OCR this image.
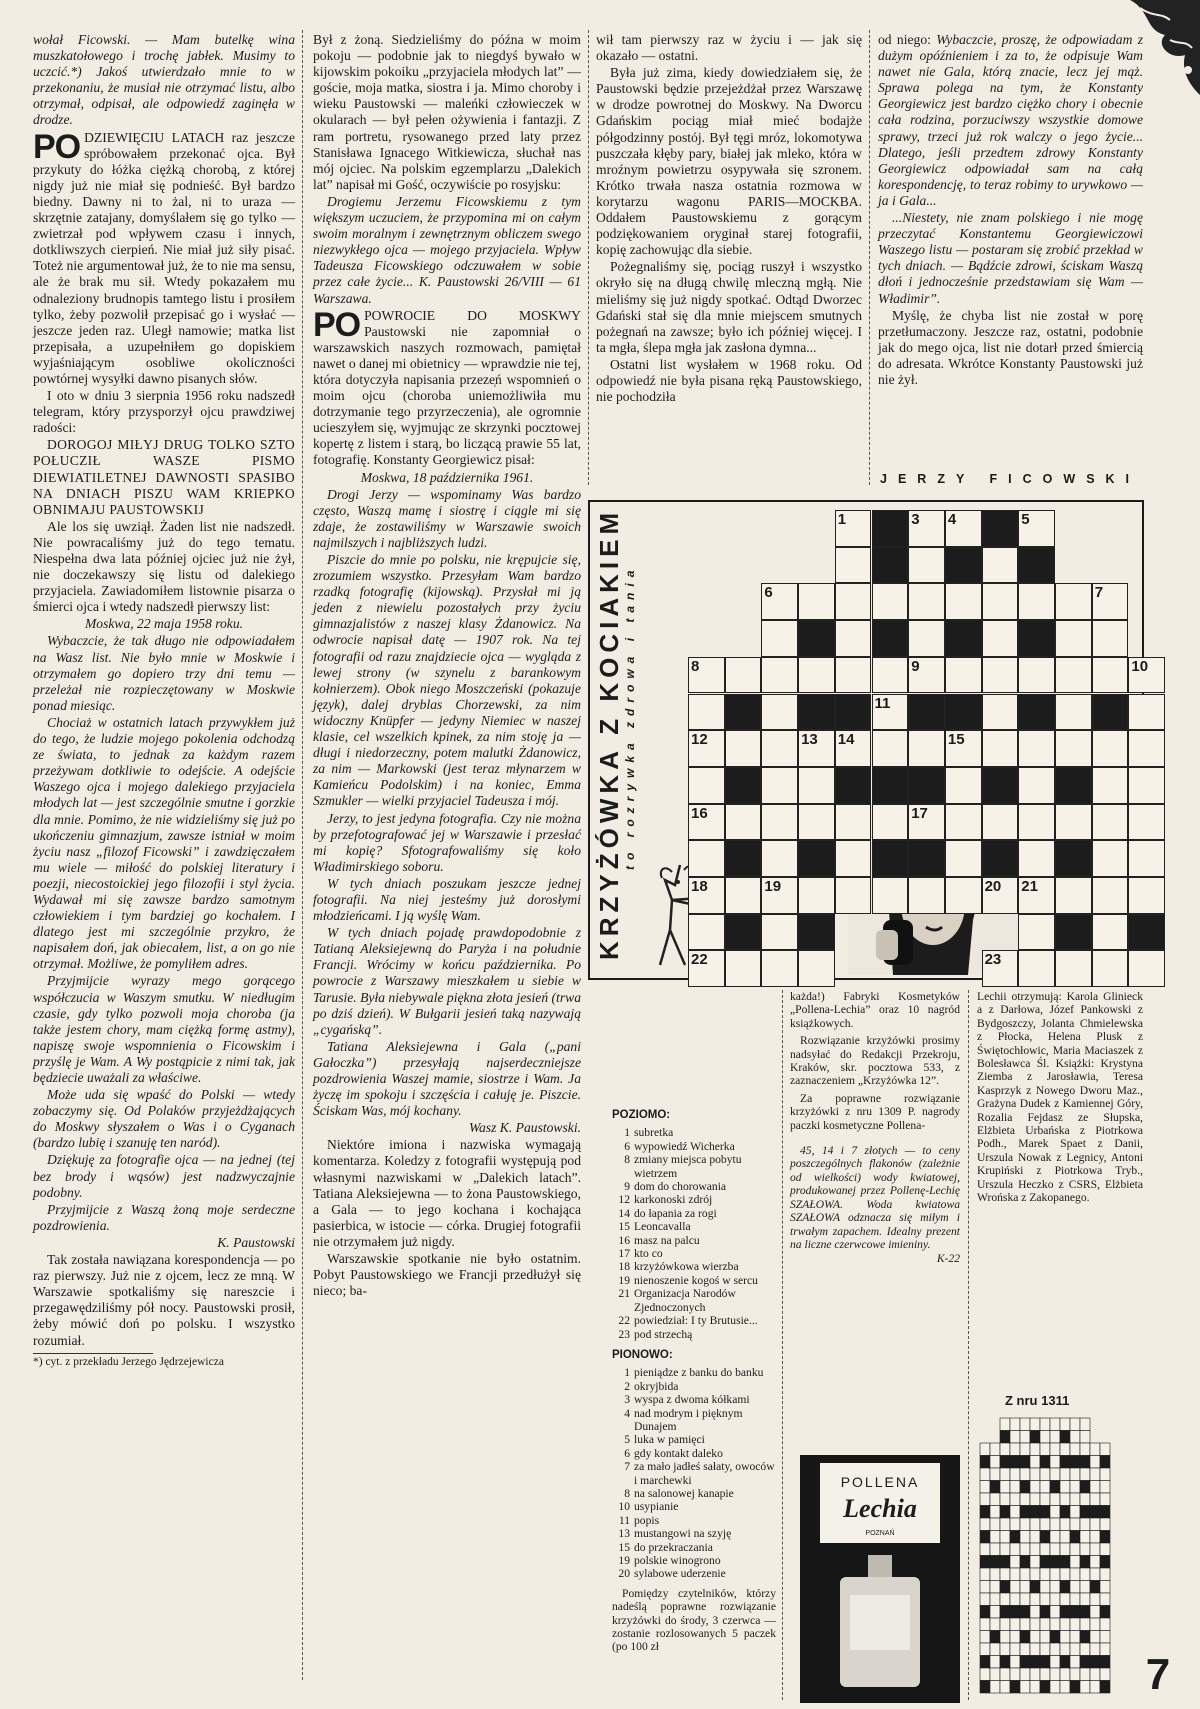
wołał Ficowski. — Mam butelkę wina muszkatołowego i trochę jabłek. Musimy to uczcić.*) Jakoś utwierdzało mnie to w przekonaniu, że musiał nie otrzymać listu, albo otrzymał, odpisał, ale odpowiedź zaginęła w drodze.

PO DZIEWIĘCIU LATACH raz jeszcze spróbowałem przekonać ojca. Był przykuty do łóżka ciężką chorobą, z której nigdy już nie miał się podnieść. Był bardzo biedny. Dawny ni to żal, ni to uraza — skrzętnie zatajany, domyślałem się go tylko — zwietrzał pod wpływem czasu i innych, dotkliwszych cierpień. Nie miał już siły pisać. Toteż nie argumentował już, że to nie ma sensu, ale że brak mu sił. Wtedy pokazałem mu odnaleziony brudnopis tamtego listu i prosiłem tylko, żeby pozwolił przepisać go i wysłać — jeszcze jeden raz. Uległ namowie; matka list przepisała, a uzupełniłem go dopiskiem wyjaśniającym osobliwe okoliczności powtórnej wysyłki dawno pisanych słów.

I oto w dniu 3 sierpnia 1956 roku nadszedł telegram, który przysporzył ojcu prawdziwej radości:

DOROGOJ MIŁYJ DRUG TOLKO SZTO POŁUCZIŁ WASZE PISMO DIEWIATILETNEJ DAWNOSTI SPASIBO NA DNIACH PISZU WAM KRIEPKO OBNIMAJU PAUSTOWSKIJ

Ale los się uwziął. Żaden list nie nadszedł. Nie powracaliśmy już do tego tematu. Niespełna dwa lata później ojciec już nie żył, nie doczekawszy się listu od dalekiego przyjaciela. Zawiadomiłem listownie pisarza o śmierci ojca i wtedy nadszedł pierwszy list:

Moskwa, 22 maja 1958 roku.

Wybaczcie, że tak długo nie odpowiadałem na Wasz list. Nie było mnie w Moskwie i otrzymałem go dopiero trzy dni temu — przeleżał nie rozpieczętowany w Moskwie ponad miesiąc.

Chociaż w ostatnich latach przywykłem już do tego, że ludzie mojego pokolenia odchodzą ze świata, to jednak za każdym razem przeżywam dotkliwie to odejście. A odejście Waszego ojca i mojego dalekiego przyjaciela młodych lat — jest szczególnie smutne i gorzkie dla mnie. Pomimo, że nie widzieliśmy się już po ukończeniu gimnazjum, zawsze istniał w moim życiu nasz „filozof Ficowski” i zawdzięczałem mu wiele — miłość do polskiej literatury i poezji, niecostoickiej jego filozofii i styl życia. Wydawał mi się zawsze bardzo samotnym człowiekiem i tym bardziej go kochałem. I dlatego jest mi szczególnie przykro, że napisałem doń, jak obiecałem, list, a on go nie otrzymał. Możliwe, że pomyliłem adres.

Przyjmijcie wyrazy mego gorącego współczucia w Waszym smutku. W niedługim czasie, gdy tylko pozwoli moja choroba (ja także jestem chory, mam ciężką formę astmy), napiszę swoje wspomnienia o Ficowskim i przyślę je Wam. A Wy postąpicie z nimi tak, jak będziecie uważali za właściwe.

Może uda się wpaść do Polski — wtedy zobaczymy się. Od Polaków przyjeżdżających do Moskwy słyszałem o Was i o Cyganach (bardzo lubię i szanuję ten naród).

Dziękuję za fotografie ojca — na jednej (tej bez brody i wąsów) jest nadzwyczajnie podobny.

Przyjmijcie z Waszą żoną moje serdeczne pozdrowienia.

K. Paustowski

Tak została nawiązana korespondencja — po raz pierwszy. Już nie z ojcem, lecz ze mną. W Warszawie spotkaliśmy się nareszcie i przegawędziliśmy pół nocy. Paustowski prosił, żeby mówić doń po polsku. I wszystko rozumiał.

*) cyt. z przekładu Jerzego Jędrzejewicza

Był z żoną. Siedzieliśmy do późna w moim pokoju — podobnie jak to niegdyś bywało w kijowskim pokoiku „przyjaciela młodych lat” — goście, moja matka, siostra i ja. Mimo choroby i wieku Paustowski — maleńki człowieczek w okularach — był pełen ożywienia i fantazji. Z ram portretu, rysowanego przed laty przez Stanisława Ignacego Witkiewicza, słuchał nas mój ojciec. Na polskim egzemplarzu „Dalekich lat” napisał mi Gość, oczywiście po rosyjsku:

Drogiemu Jerzemu Ficowskiemu z tym większym uczuciem, że przypomina mi on całym swoim moralnym i zewnętrznym obliczem swego niezwykłego ojca — mojego przyjaciela. Wpływ Tadeusza Ficowskiego odczuwałem w sobie przez całe życie... K. Paustowski 26/VIII — 61 Warszawa.

PO POWROCIE DO MOSKWY Paustowski nie zapomniał o warszawskich naszych rozmowach, pamiętał nawet o danej mi obietnicy — wprawdzie nie tej, która dotyczyła napisania przeze̜ń wspomnień o moim ojcu (choroba uniemożliwiła mu dotrzymanie tego przyrzeczenia), ale ogromnie ucieszyłem się, wyjmując ze skrzynki pocztowej kopertę z listem i starą, bo liczącą prawie 55 lat, fotografię. Konstanty Georgiewicz pisał:

Moskwa, 18 października 1961.

Drogi Jerzy — wspominamy Was bardzo często, Waszą mamę i siostrę i ciągle mi się zdaje, że zostawiliśmy w Warszawie swoich najmilszych i najbliższych ludzi.

Piszcie do mnie po polsku, nie krępujcie się, zrozumiem wszystko. Przesyłam Wam bardzo rzadką fotografię (kijowską). Przysłał mi ją jeden z niewielu pozostałych przy życiu gimnazjalistów z naszej klasy Żdanowicz. Na odwrocie napisał datę — 1907 rok. Na tej fotografii od razu znajdziecie ojca — wygląda z lewej strony (w szynelu z barankowym kołnierzem). Obok niego Moszczeński (pokazuje język), dalej dryblas Chorzewski, za nim widoczny Knüpfer — jedyny Niemiec w naszej klasie, cel wszelkich kpinek, za nim stoję ja — długi i niedorzeczny, potem malutki Żdanowicz, za nim — Markowski (jest teraz młynarzem w Kamieńcu Podolskim) i na koniec, Emma Szmukler — wielki przyjaciel Tadeusza i mój.

Jerzy, to jest jedyna fotografia. Czy nie można by przefotografować jej w Warszawie i przesłać mi kopię? Sfotografowaliśmy się koło Władimirskiego soboru.

W tych dniach poszukam jeszcze jednej fotografii. Na niej jesteśmy już dorosłymi młodzieńcami. I ją wyślę Wam.

W tych dniach pojadę prawdopodobnie z Tatianą Aleksiejewną do Paryża i na południe Francji. Wrócimy w końcu października. Po powrocie z Warszawy mieszkałem u siebie w Tarusie. Była niebywale piękna złota jesień (trwa po dziś dzień). W Bułgarii jesień taką nazywają „cygańską”.

Tatiana Aleksiejewna i Gala („pani Gałoczka”) przesyłają najserdeczniejsze pozdrowienia Waszej mamie, siostrze i Wam. Ja życzę im spokoju i szczęścia i całuję je. Piszcie. Ściskam Was, mój kochany.

Wasz K. Paustowski.

Niektóre imiona i nazwiska wymagają komentarza. Koledzy z fotografii występują pod własnymi nazwiskami w „Dalekich latach”. Tatiana Aleksiejewna — to żona Paustowskiego, a Gala — to jego kochana i kochająca pasierbica, w istocie — córka. Drugiej fotografii nie otrzymałem już nigdy.

Warszawskie spotkanie nie było ostatnim. Pobyt Paustowskiego we Francji przedłużył się nieco; ba-

wił tam pierwszy raz w życiu i — jak się okazało — ostatni.

Była już zima, kiedy dowiedziałem się, że Paustowski będzie przejeżdżał przez Warszawę w drodze powrotnej do Moskwy. Na Dworcu Gdańskim pociąg miał mieć bodajże półgodzinny postój. Był tęgi mróz, lokomotywa puszczała kłęby pary, białej jak mleko, która w mroźnym powietrzu osypywała się szronem. Krótko trwała nasza ostatnia rozmowa w korytarzu wagonu PARIS—MOCKBA. Oddałem Paustowskiemu z gorącym podziękowaniem oryginał starej fotografii, kopię zachowując dla siebie.

Pożegnaliśmy się, pociąg ruszył i wszystko okryło się na długą chwilę mleczną mgłą. Nie mieliśmy się już nigdy spotkać. Odtąd Dworzec Gdański stał się dla mnie miejscem smutnych pożegnań na zawsze; było ich później więcej. I ta mgła, ślepa mgła jak zasłona dymna...

Ostatni list wysłałem w 1968 roku. Od odpowiedź nie była pisana ręką Paustowskiego, nie pochodziła

od niego: Wybaczcie, proszę, że odpowiadam z dużym opóźnieniem i za to, że odpisuje Wam nawet nie Gala, którą znacie, lecz jej mąż. Sprawa polega na tym, że Konstanty Georgiewicz jest bardzo ciężko chory i obecnie cała rodzina, porzuciwszy wszystkie domowe sprawy, trzeci już rok walczy o jego życie... Dlatego, jeśli przedtem zdrowy Konstanty Georgiewicz odpowiadał sam na całą korespondencję, to teraz robimy to urywkowo — ja i Gala...

...Niestety, nie znam polskiego i nie mogę przeczytać Konstantemu Georgiewiczowi Waszego listu — postaram się zrobić przekład w tych dniach. — Bądźcie zdrowi, ściskam Waszą dłoń i jednocześnie przedstawiam się Wam — Władimir”.

Myślę, że chyba list nie został w porę przetłumaczony. Jeszcze raz, ostatni, podobnie jak do mego ojca, list nie dotarł przed śmiercią do adresata. Wkrótce Konstanty Paustowski już nie żył.

JERZY FICOWSKI
KRZYŻÓWKA Z KOCIAKIEM to rozrywka zdrowa i tania
1	3 4	5
6	7
8	9	10
11
12	13 14	15
16	17
18	19	20 21
22	23
POZIOMO:
1 subretka
6 wypowiedź Wicherka
8 zmiany miejsca pobytu wietrzem
9 dom do chorowania
12 karkonoski zdrój
14 do łapania za rogi
15 Leoncavalla
16 masz na palcu
17 kto co
18 krzyżówkowa wierzba
19 nienoszenie kogoś w sercu
21 Organizacja Narodów Zjednoczonych
22 powiedział: I ty Brutusie...
23 pod strzechą
PIONOWO:
1 pieniądze z banku do banku
2 okryjbida
3 wyspa z dwoma kółkami
4 nad modrym i pięknym Dunajem
5 luka w pamięci
6 gdy kontakt daleko
7 za mało jadłeś sałaty, owoców i marchewki
8 na salonowej kanapie
10 usypianie
11 popis
13 mustangowi na szyję
15 do przekraczania
19 polskie winogrono
20 sylabowe uderzenie

Pomiędzy czytelników, którzy nadeślą poprawne rozwiązanie krzyżówki do środy, 3 czerwca — zostanie rozlosowanych 5 paczek (po 100 zł

każda!) Fabryki Kosmetyków „Pollena-Lechia” oraz 10 nagród książkowych.

Rozwiązanie krzyżówki prosimy nadsyłać do Redakcji Przekroju, Kraków, skr. pocztowa 533, z zaznaczeniem „Krzyżówka 12”.

Za poprawne rozwiązanie krzyżówki z nru 1309 P. nagrody paczki kosmetyczne Pollena-

45, 14 i 7 złotych — to ceny poszczególnych flakonów (zależnie od wielkości) wody kwiatowej, produkowanej przez Pollenę-Lechię SZAŁOWA. Woda kwiatowa SZAŁOWA odznacza się miłym i trwałym zapachem. Idealny prezent na liczne czerwcowe imieniny.

K-22

Lechii otrzymują: Karola Glinieck a z Darłowa, Józef Pankowski z Bydgoszczy, Jolanta Chmielewska z Płocka, Helena Plusk z Świętochłowic, Maria Maciaszek z Bolesławca Śl. Książki: Krystyna Ziemba z Jarosławia, Teresa Kasprzyk z Nowego Dworu Maz., Grażyna Dudek z Kamiennej Góry, Rozalia Fejdasz ze Słupska, Elżbieta Urbańska z Piotrkowa Podh., Marek Spaet z Danii, Urszula Nowak z Legnicy, Antoni Krupiński z Piotrkowa Tryb., Urszula Heczko z CSRS, Elżbieta Wrońska z Zakopanego.

POLLENA
Lechia
POZNAŃ
Z nru 1311
7
